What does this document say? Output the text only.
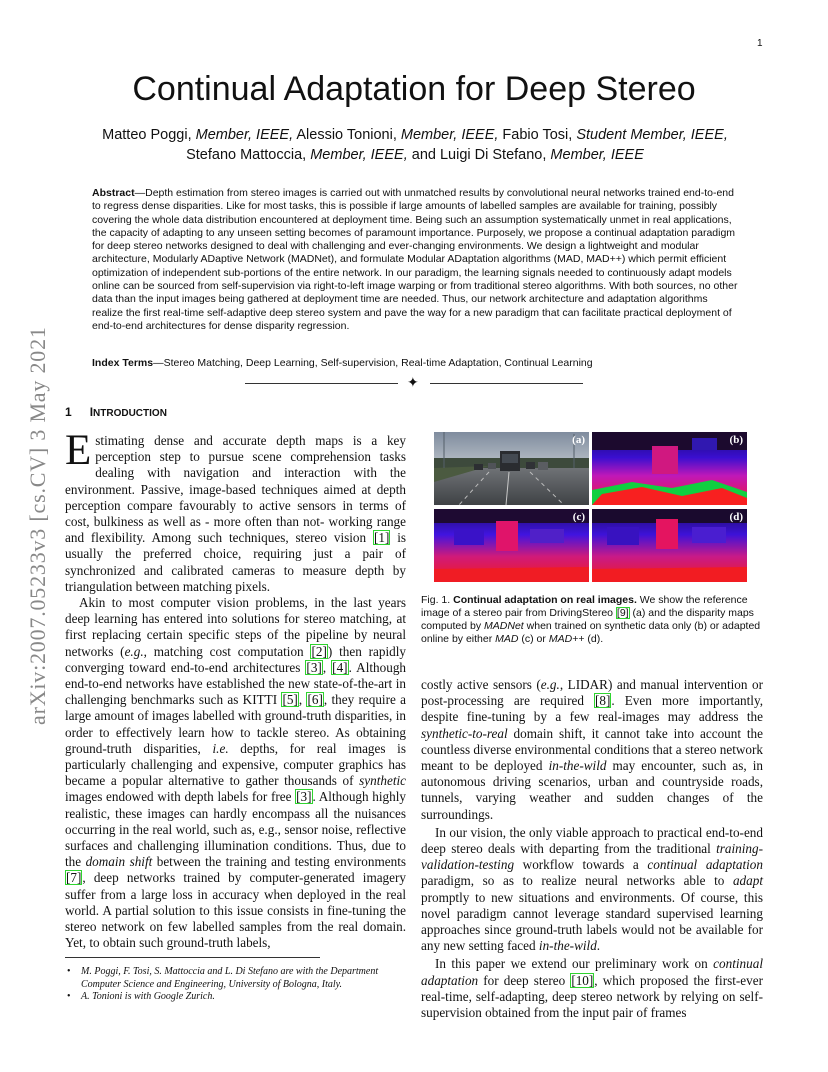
1
arXiv:2007.05233v3 [cs.CV] 3 May 2021
Continual Adaptation for Deep Stereo
Matteo Poggi, Member, IEEE, Alessio Tonioni, Member, IEEE, Fabio Tosi, Student Member, IEEE,
Stefano Mattoccia, Member, IEEE, and Luigi Di Stefano, Member, IEEE
Abstract—Depth estimation from stereo images is carried out with unmatched results by convolutional neural networks trained end-to-end to regress dense disparities. Like for most tasks, this is possible if large amounts of labelled samples are available for training, possibly covering the whole data distribution encountered at deployment time. Being such an assumption systematically unmet in real applications, the capacity of adapting to any unseen setting becomes of paramount importance. Purposely, we propose a continual adaptation paradigm for deep stereo networks designed to deal with challenging and ever-changing environments. We design a lightweight and modular architecture, Modularly ADaptive Network (MADNet), and formulate Modular ADaptation algorithms (MAD, MAD++) which permit efficient optimization of independent sub-portions of the entire network. In our paradigm, the learning signals needed to continuously adapt models online can be sourced from self-supervision via right-to-left image warping or from traditional stereo algorithms. With both sources, no other data than the input images being gathered at deployment time are needed. Thus, our network architecture and adaptation algorithms realize the first real-time self-adaptive deep stereo system and pave the way for a new paradigm that can facilitate practical deployment of end-to-end architectures for dense disparity regression.
Index Terms—Stereo Matching, Deep Learning, Self-supervision, Real-time Adaptation, Continual Learning
✦
1 INTRODUCTION

Estimating dense and accurate depth maps is a key perception step to pursue scene comprehension tasks dealing with navigation and interaction with the environment. Passive, image-based techniques aimed at depth perception compare favourably to active sensors in terms of cost, bulkiness as well as - more often than not- working range and flexibility. Among such techniques, stereo vision [1] is usually the preferred choice, requiring just a pair of synchronized and calibrated cameras to measure depth by triangulation between matching pixels.

Akin to most computer vision problems, in the last years deep learning has entered into solutions for stereo matching, at first replacing certain specific steps of the pipeline by neural networks (e.g., matching cost computation [2]) then rapidly converging toward end-to-end architectures [3], [4]. Although end-to-end networks have established the new state-of-the-art in challenging benchmarks such as KITTI [5], [6], they require a large amount of images labelled with ground-truth disparities, in order to effectively learn how to tackle stereo. As obtaining ground-truth disparities, i.e. depths, for real images is particularly challenging and expensive, computer graphics has became a popular alternative to gather thousands of synthetic images endowed with depth labels for free [3]. Although highly realistic, these images can hardly encompass all the nuisances occurring in the real world, such as, e.g., sensor noise, reflective surfaces and challenging illumination conditions. Thus, due to the domain shift between the training and testing environments [7], deep networks trained by computer-generated imagery suffer from a large loss in accuracy when deployed in the real world. A partial solution to this issue consists in fine-tuning the stereo network on few labelled samples from the real domain. Yet, to obtain such ground-truth labels,

(a)	(b)
(c)	(d)
Fig. 1. Continual adaptation on real images. We show the reference image of a stereo pair from DrivingStereo [9] (a) and the disparity maps computed by MADNet when trained on synthetic data only (b) or adapted online by either MAD (c) or MAD++ (d).

costly active sensors (e.g., LIDAR) and manual intervention or post-processing are required [8]. Even more importantly, despite fine-tuning by a few real-images may address the synthetic-to-real domain shift, it cannot take into account the countless diverse environmental conditions that a stereo network meant to be deployed in-the-wild may encounter, such as, in autonomous driving scenarios, urban and countryside roads, tunnels, varying weather and sudden changes of the surroundings.

In our vision, the only viable approach to practical end-to-end deep stereo deals with departing from the traditional training-validation-testing workflow towards a continual adaptation paradigm, so as to realize neural networks able to adapt promptly to new situations and environments. Of course, this novel paradigm cannot leverage standard supervised learning approaches since ground-truth labels would not be available for any new setting faced in-the-wild.

In this paper we extend our preliminary work on continual adaptation for deep stereo [10], which proposed the first-ever real-time, self-adapting, deep stereo network by relying on self-supervision obtained from the input pair of frames

• M. Poggi, F. Tosi, S. Mattoccia and L. Di Stefano are with the Department Computer Science and Engineering, University of Bologna, Italy.
• A. Tonioni is with Google Zurich.
